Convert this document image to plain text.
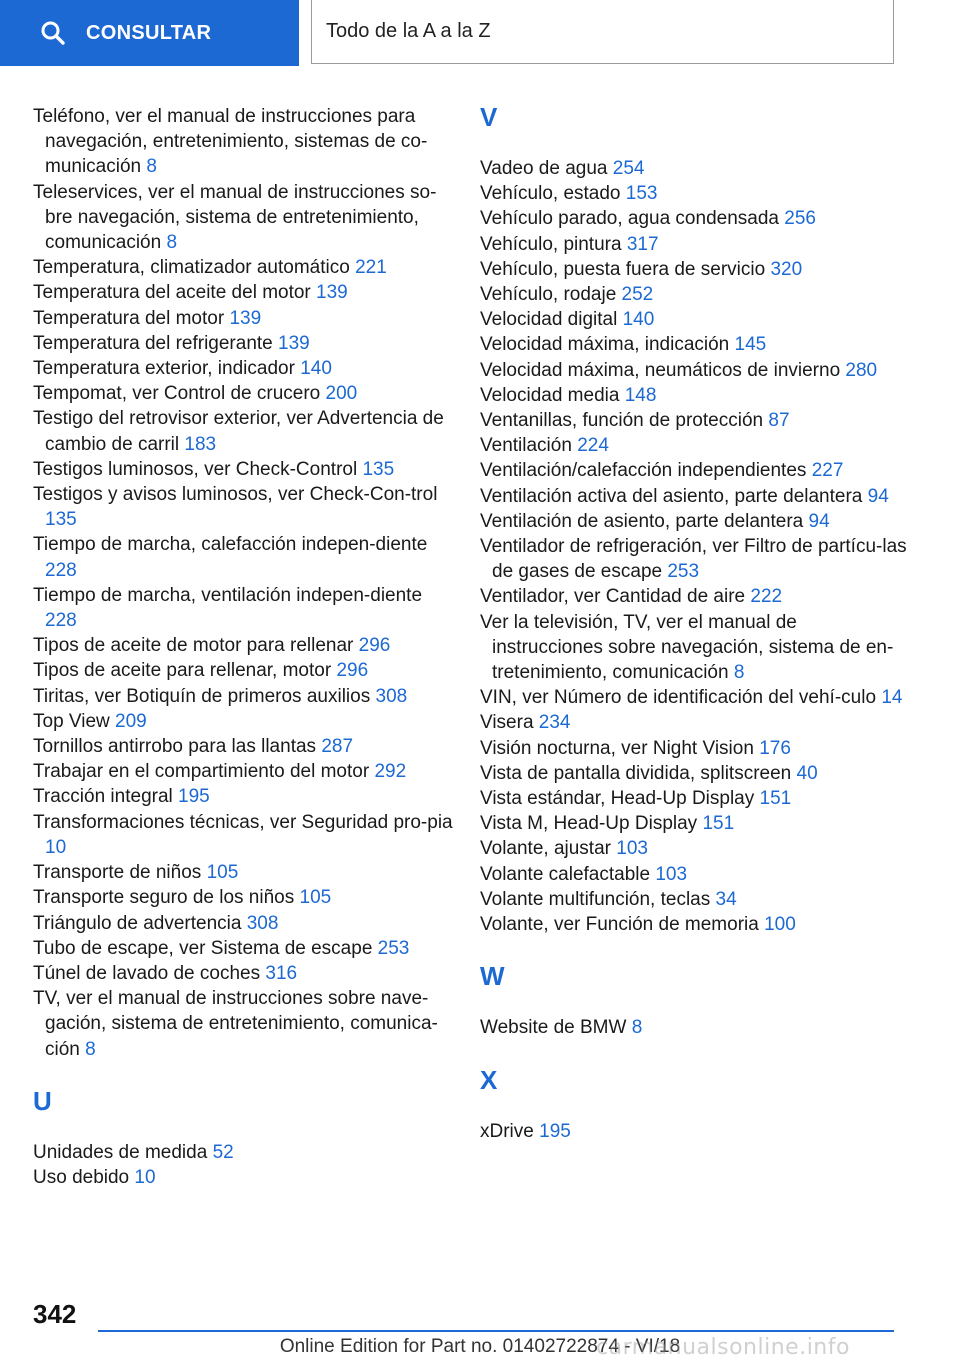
CONSULTAR	Todo de la A a la Z
Teléfono, ver el manual de instrucciones para navegación, entretenimiento, sistemas de co-municación 8
Teleservices, ver el manual de instrucciones so-bre navegación, sistema de entretenimiento, comunicación 8
Temperatura, climatizador automático 221
Temperatura del aceite del motor 139
Temperatura del motor 139
Temperatura del refrigerante 139
Temperatura exterior, indicador 140
Tempomat, ver Control de crucero 200
Testigo del retrovisor exterior, ver Advertencia de cambio de carril 183
Testigos luminosos, ver Check-Control 135
Testigos y avisos luminosos, ver Check-Con-trol 135
Tiempo de marcha, calefacción indepen-diente 228
Tiempo de marcha, ventilación indepen-diente 228
Tipos de aceite de motor para rellenar 296
Tipos de aceite para rellenar, motor 296
Tiritas, ver Botiquín de primeros auxilios 308
Top View 209
Tornillos antirrobo para las llantas 287
Trabajar en el compartimiento del motor 292
Tracción integral 195
Transformaciones técnicas, ver Seguridad pro-pia 10
Transporte de niños 105
Transporte seguro de los niños 105
Triángulo de advertencia 308
Tubo de escape, ver Sistema de escape 253
Túnel de lavado de coches 316
TV, ver el manual de instrucciones sobre nave-gación, sistema de entretenimiento, comunica-ción 8
U
Unidades de medida 52
Uso debido 10
V
Vadeo de agua 254
Vehículo, estado 153
Vehículo parado, agua condensada 256
Vehículo, pintura 317
Vehículo, puesta fuera de servicio 320
Vehículo, rodaje 252
Velocidad digital 140
Velocidad máxima, indicación 145
Velocidad máxima, neumáticos de invierno 280
Velocidad media 148
Ventanillas, función de protección 87
Ventilación 224
Ventilación/calefacción independientes 227
Ventilación activa del asiento, parte delantera 94
Ventilación de asiento, parte delantera 94
Ventilador de refrigeración, ver Filtro de partícu-las de gases de escape 253
Ventilador, ver Cantidad de aire 222
Ver la televisión, TV, ver el manual de instrucciones sobre navegación, sistema de en-tretenimiento, comunicación 8
VIN, ver Número de identificación del vehí-culo 14
Visera 234
Visión nocturna, ver Night Vision 176
Vista de pantalla dividida, splitscreen 40
Vista estándar, Head-Up Display 151
Vista M, Head-Up Display 151
Volante, ajustar 103
Volante calefactable 103
Volante multifunción, teclas 34
Volante, ver Función de memoria 100
W
Website de BMW 8
X
xDrive 195
342
Online Edition for Part no. 01402722874 - VI/18
carmanualsonline.info
